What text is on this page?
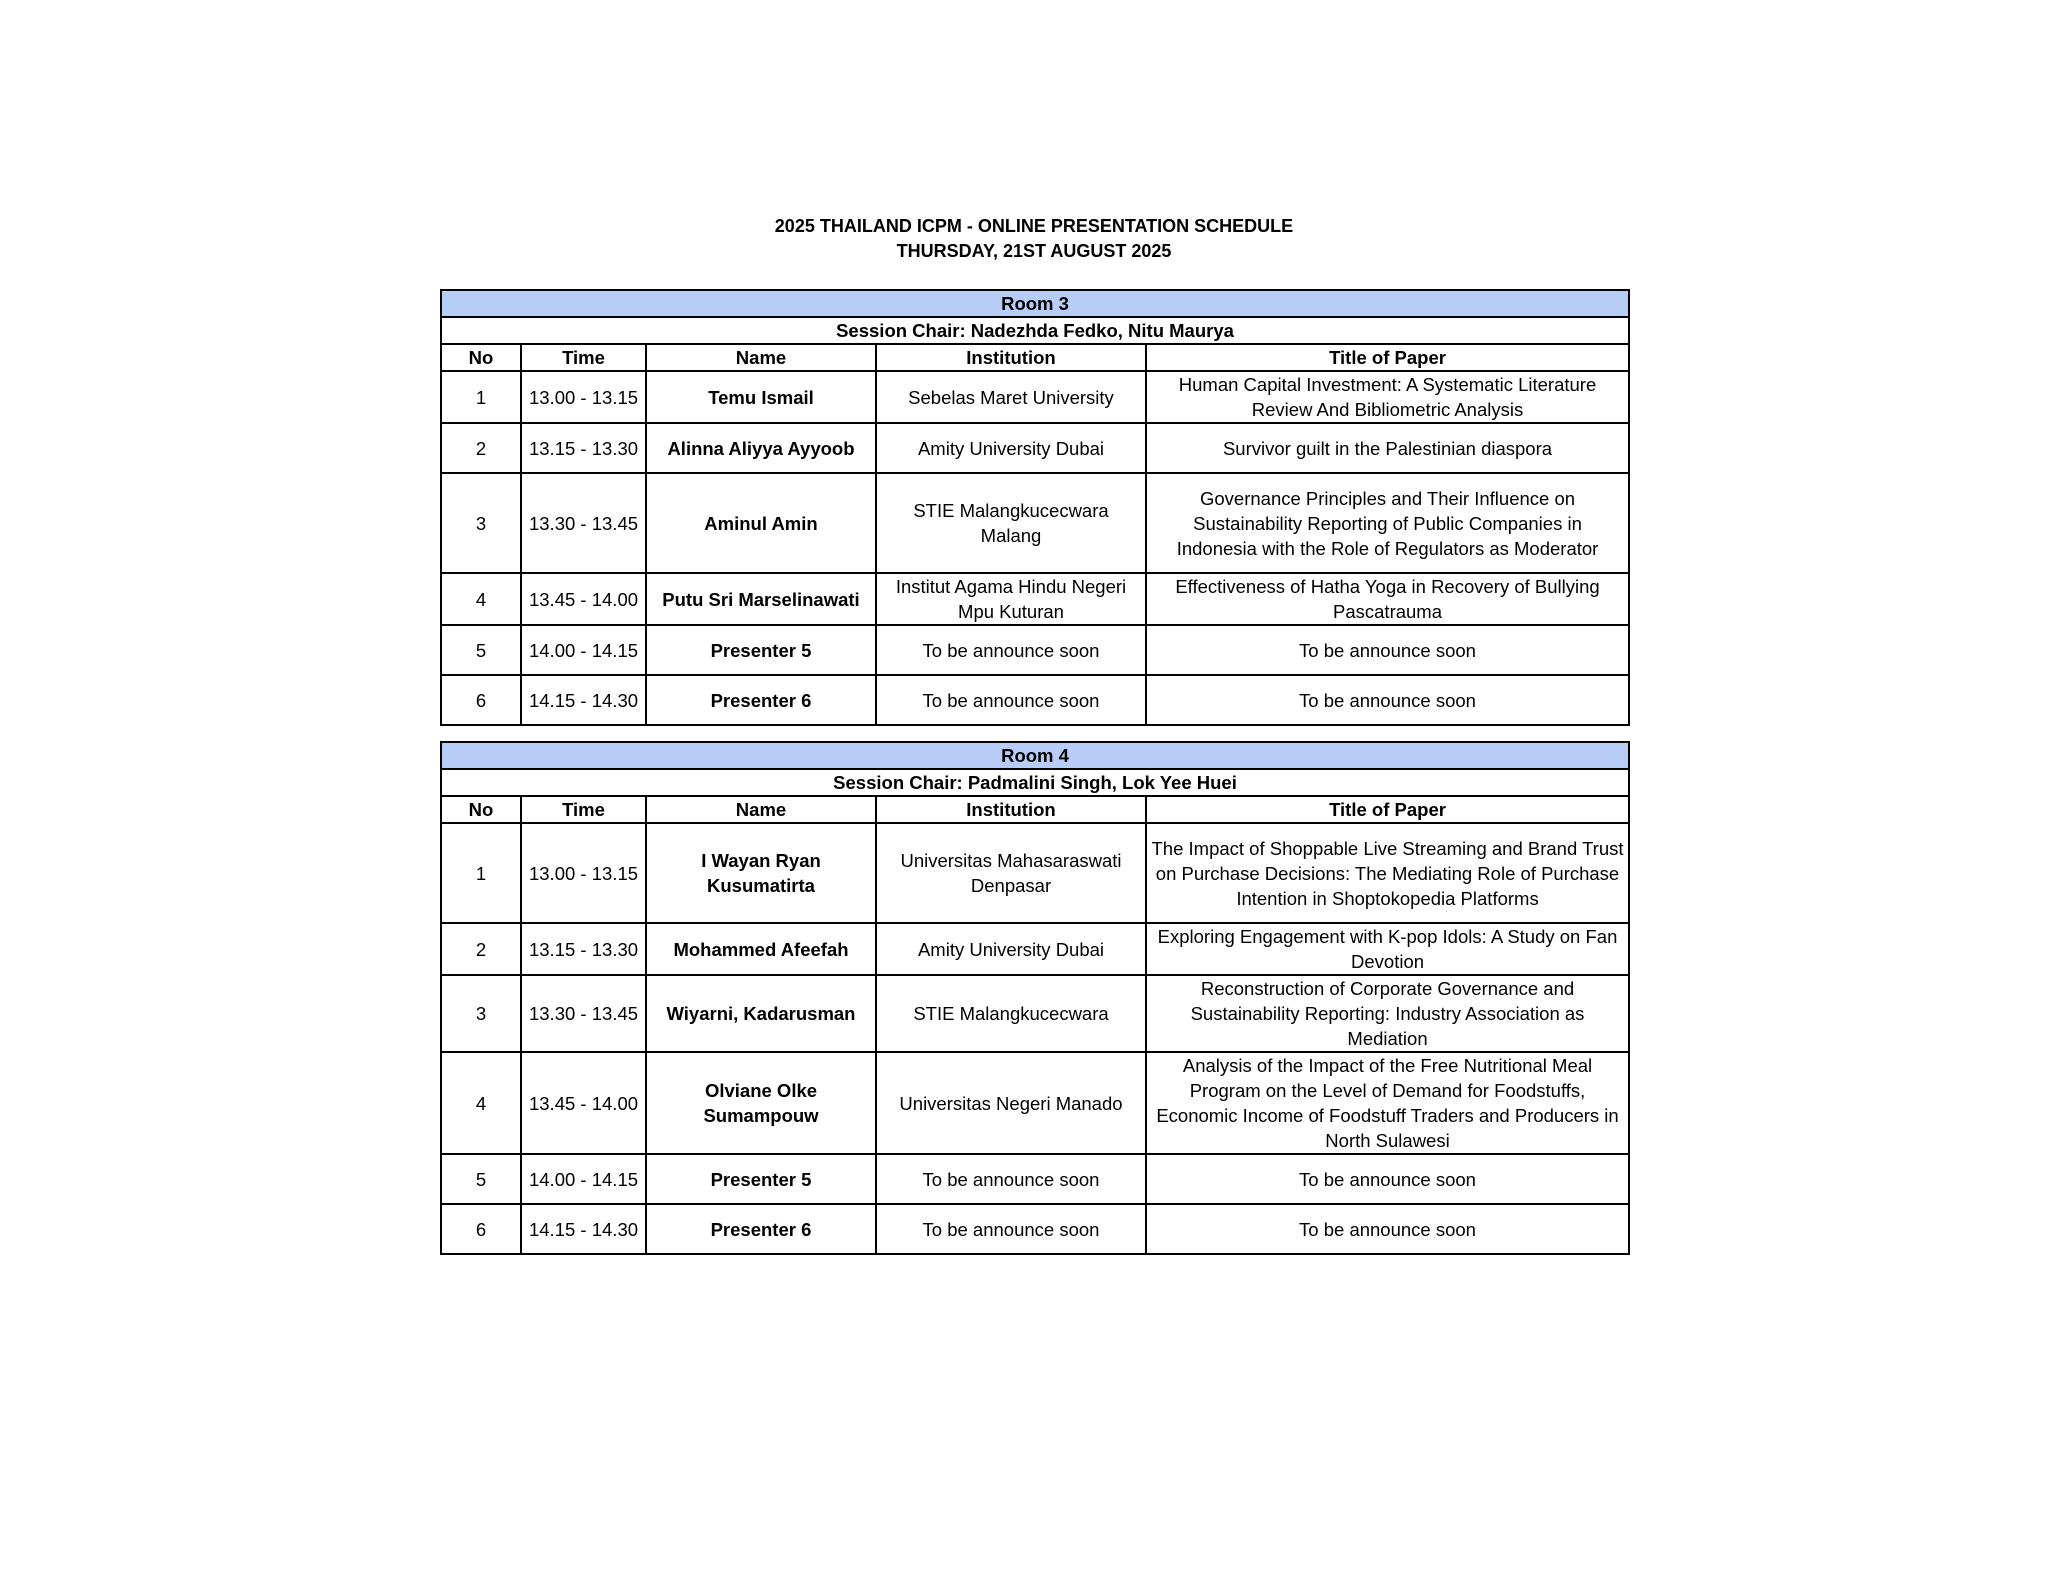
2025 THAILAND ICPM - ONLINE PRESENTATION SCHEDULE
THURSDAY, 21ST AUGUST 2025
Room 3				
Session Chair: Nadezhda Fedko, Nitu Maurya				
No	Time	Name	Institution	Title of Paper
1	13.00 - 13.15	Temu Ismail	Sebelas Maret University	Human Capital Investment: A Systematic Literature Review And Bibliometric Analysis
2	13.15 - 13.30	Alinna Aliyya Ayyoob	Amity University Dubai	Survivor guilt in the Palestinian diaspora
3	13.30 - 13.45	Aminul Amin	STIE Malangkucecwara Malang	Governance Principles and Their Influence on Sustainability Reporting of Public Companies in Indonesia with the Role of Regulators as Moderator
4	13.45 - 14.00	Putu Sri Marselinawati	Institut Agama Hindu Negeri Mpu Kuturan	Effectiveness of Hatha Yoga in Recovery of Bullying Pascatrauma
5	14.00 - 14.15	Presenter 5	To be announce soon	To be announce soon
6	14.15 - 14.30	Presenter 6	To be announce soon	To be announce soon
Room 4				
Session Chair: Padmalini Singh, Lok Yee Huei				
No	Time	Name	Institution	Title of Paper
1	13.00 - 13.15	I Wayan Ryan Kusumatirta	Universitas Mahasaraswati Denpasar	The Impact of Shoppable Live Streaming and Brand Trust on Purchase Decisions: The Mediating Role of Purchase Intention in Shoptokopedia Platforms
2	13.15 - 13.30	Mohammed Afeefah	Amity University Dubai	Exploring Engagement with K-pop Idols: A Study on Fan Devotion
3	13.30 - 13.45	Wiyarni, Kadarusman	STIE Malangkucecwara	Reconstruction of Corporate Governance and Sustainability Reporting: Industry Association as Mediation
4	13.45 - 14.00	Olviane Olke Sumampouw	Universitas Negeri Manado	Analysis of the Impact of the Free Nutritional Meal Program on the Level of Demand for Foodstuffs, Economic Income of Foodstuff Traders and Producers in North Sulawesi
5	14.00 - 14.15	Presenter 5	To be announce soon	To be announce soon
6	14.15 - 14.30	Presenter 6	To be announce soon	To be announce soon
